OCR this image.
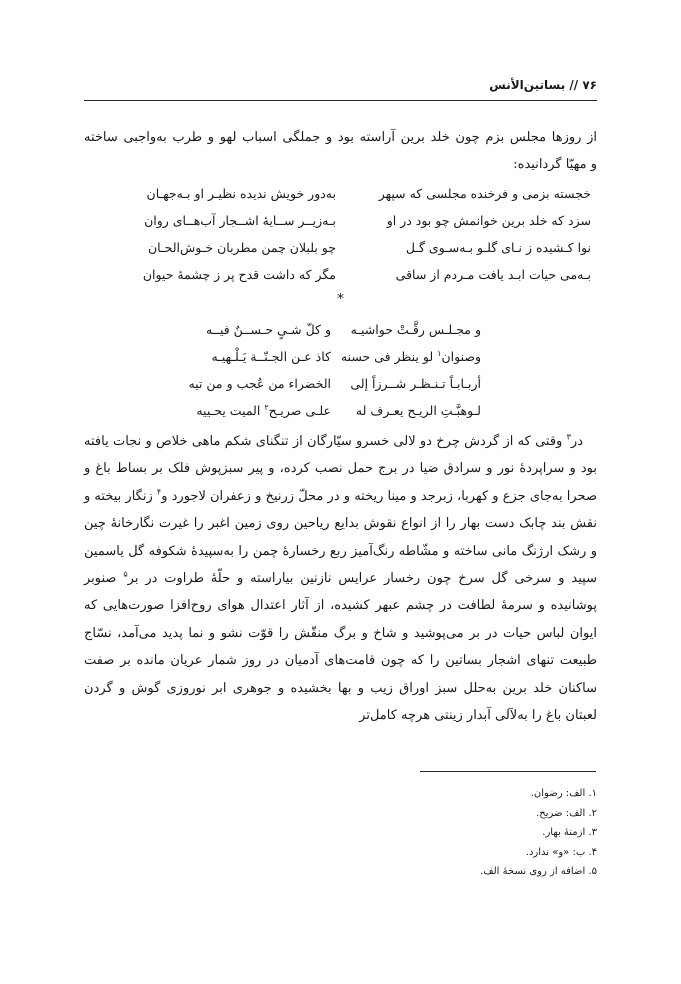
۷۶ // بساتین‌الأنس
از روزها مجلس بزم چون خلد برین آراسته بود و جملگی اسباب لهو و طرب به‌واجبی ساخته
و مهیّا گردانیده:
خجسته بزمی و فرخنده مجلسی که سپهر
به‌دور خویش ندیده نظیـر او بـه‌جهـان
سزد که خلد برین خوانمش چو بود در او
بـه‌زیــر ســایۀ اشــجار آب‌هــای روان
نوا کـشیده ز نـای گلـو بـه‌سـوی گـل
چو بلبلان چمن مطربان خـوش‌الحـان
بـه‌می حیات ابـد یافت مـردم از ساقی
مگر که داشت قدح پر ز چشمۀ حیوان
*
و مجـلـس رقَّـتْ حواشیـه
و کلّ شـیٍ حـســنٌ فیــه
وصنوان$^۱$ لو ینظر فی حسنه
کاذ عـن الجـنّــة یَـلْـهیـه
أربـابـاً تـنـظـر شــرزاً إلی
الخضراء من عُجب و من تیه
لـوهبَّـتِ الریـح یعـرف له
علـی صریـح$^۲$ المیت یحـییه
در$^۳$ وقتی که از گردش چرخ دو لالی خسرو سیّارگان از تنگنای شکم ماهی خلاص و نجات یافته بود و سراپردۀ نور و سرادق ضیا در برج حمل نصب کرده، و پیر سبزپوش فلک بر بساط باغ و صحرا به‌جای جزع و کهربا، زبرجد و مینا ریخته و در محلّ زرنیخ و زعفران لاجورد و$^۴$ زنگار بیخته و نقش بند چابک دست بهار را از انواع نقوش بدایع ریاحین روی زمین اغبر را غیرت نگارخانۀ چین و رشک ارژنگ مانی ساخته و مشّاطه رنگ‌آمیز ربع رخسارۀ چمن را به‌سپیدۀ شکوفه گل یاسمین سپید و سرخی گل سرخ چون رخسار عرایس نازنین بیاراسته و حلّۀ طراوت در بر$^۵$ صنوبر پوشانیده و سرمۀ لطافت در چشم عبهر کشیده، از آثار اعتدال هوای روح‌افزا صورت‌هایی که ایوان لباس حیات در بر می‌پوشید و شاخ و برگ منقّش را قوّت نشو و نما پدید می‌آمد، نسّاج طبیعت تنهای اشجار بساتین را که چون قامت‌های آدمیان در روز شمار عریان مانده بر صفت ساکنان خلد برین به‌حلل سبز اوراق زیب و بها بخشیده و جوهری ابر نوروزی گوش و گردن لعبتان باغ را به‌لآلی آبدار زینتی هرچه کامل‌تر
۱. الف: رضوان.
۲. الف: ضریح.
۳. ازمنۀ بهار.
۴. ب: «و» ندارد.
۵. اضافه از روی نسخۀ الف.
